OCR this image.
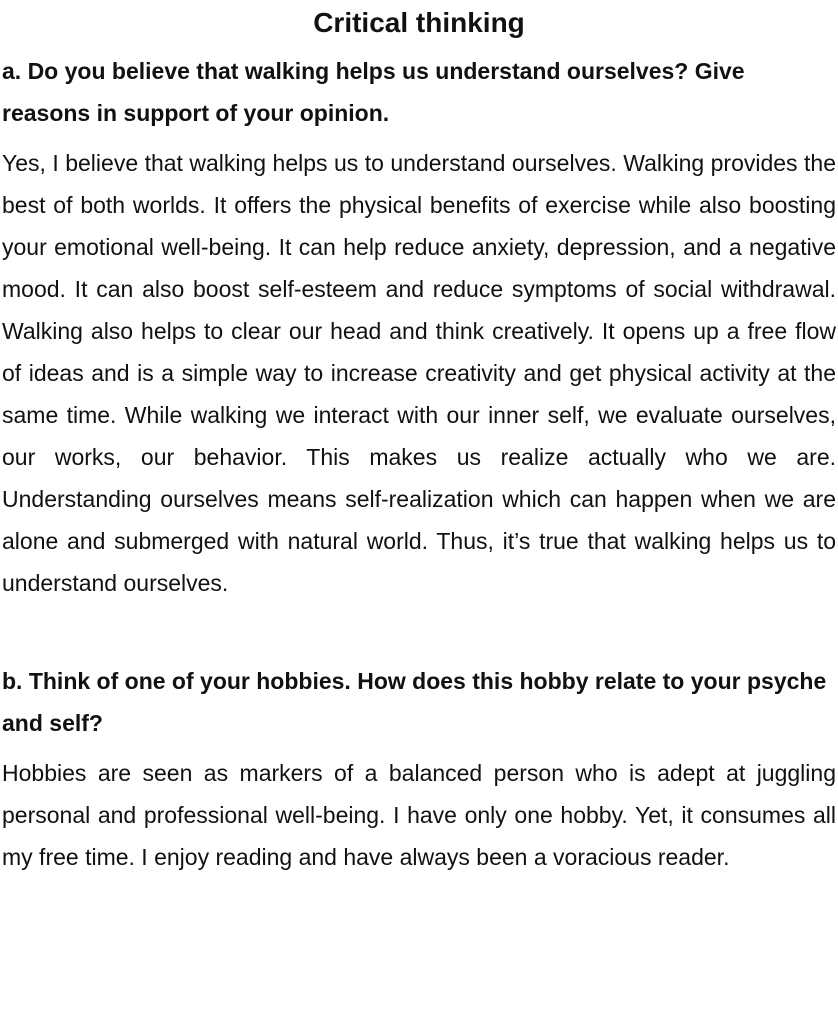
Critical thinking

a. Do you believe that walking helps us understand ourselves? Give reasons in support of your opinion.

Yes, I believe that walking helps us to understand ourselves. Walking provides the best of both worlds. It offers the physical benefits of exercise while also boosting your emotional well-being. It can help reduce anxiety, depression, and a negative mood. It can also boost self-esteem and reduce symptoms of social withdrawal. Walking also helps to clear our head and think creatively. It opens up a free flow of ideas and is a simple way to increase creativity and get physical activity at the same time. While walking we interact with our inner self, we evaluate ourselves, our works, our behavior. This makes us realize actually who we are. Understanding ourselves means self-realization which can happen when we are alone and submerged with natural world. Thus, it’s true that walking helps us to understand ourselves.

b. Think of one of your hobbies. How does this hobby relate to your psyche and self?

Hobbies are seen as markers of a balanced person who is adept at juggling personal and professional well-being. I have only one hobby. Yet, it consumes all my free time. I enjoy reading and have always been a voracious reader.
